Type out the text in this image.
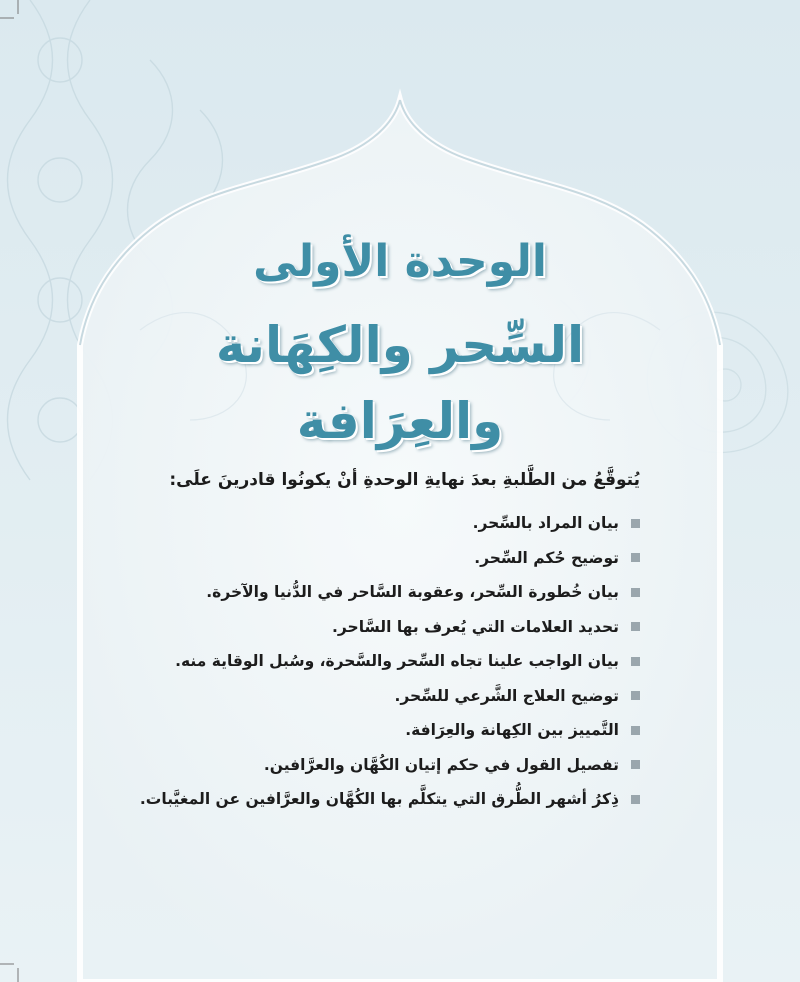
الوحدة الأولى
السِّحر والكِهَانة
والعِرَافة

يُتوقَّعُ من الطَّلبةِ بعدَ نهايةِ الوحدةِ أنْ يكونُوا قادرينَ علَى:

بيان المراد بالسِّحر.
توضيح حُكم السِّحر.
بيان خُطورة السِّحر، وعقوبة السَّاحر في الدُّنيا والآخرة.
تحديد العلامات التي يُعرف بها السَّاحر.
بيان الواجب علينا تجاه السِّحر والسَّحرة، وسُبل الوقاية منه.
توضيح العلاج الشَّرعي للسِّحر.
التَّمييز بين الكِهانة والعِرَافة.
تفصيل القول في حكم إتيان الكُهَّان والعرَّافين.
ذِكرُ أشهر الطُّرق التي يتكلَّم بها الكُهَّان والعرَّافين عن المغيَّبات.
